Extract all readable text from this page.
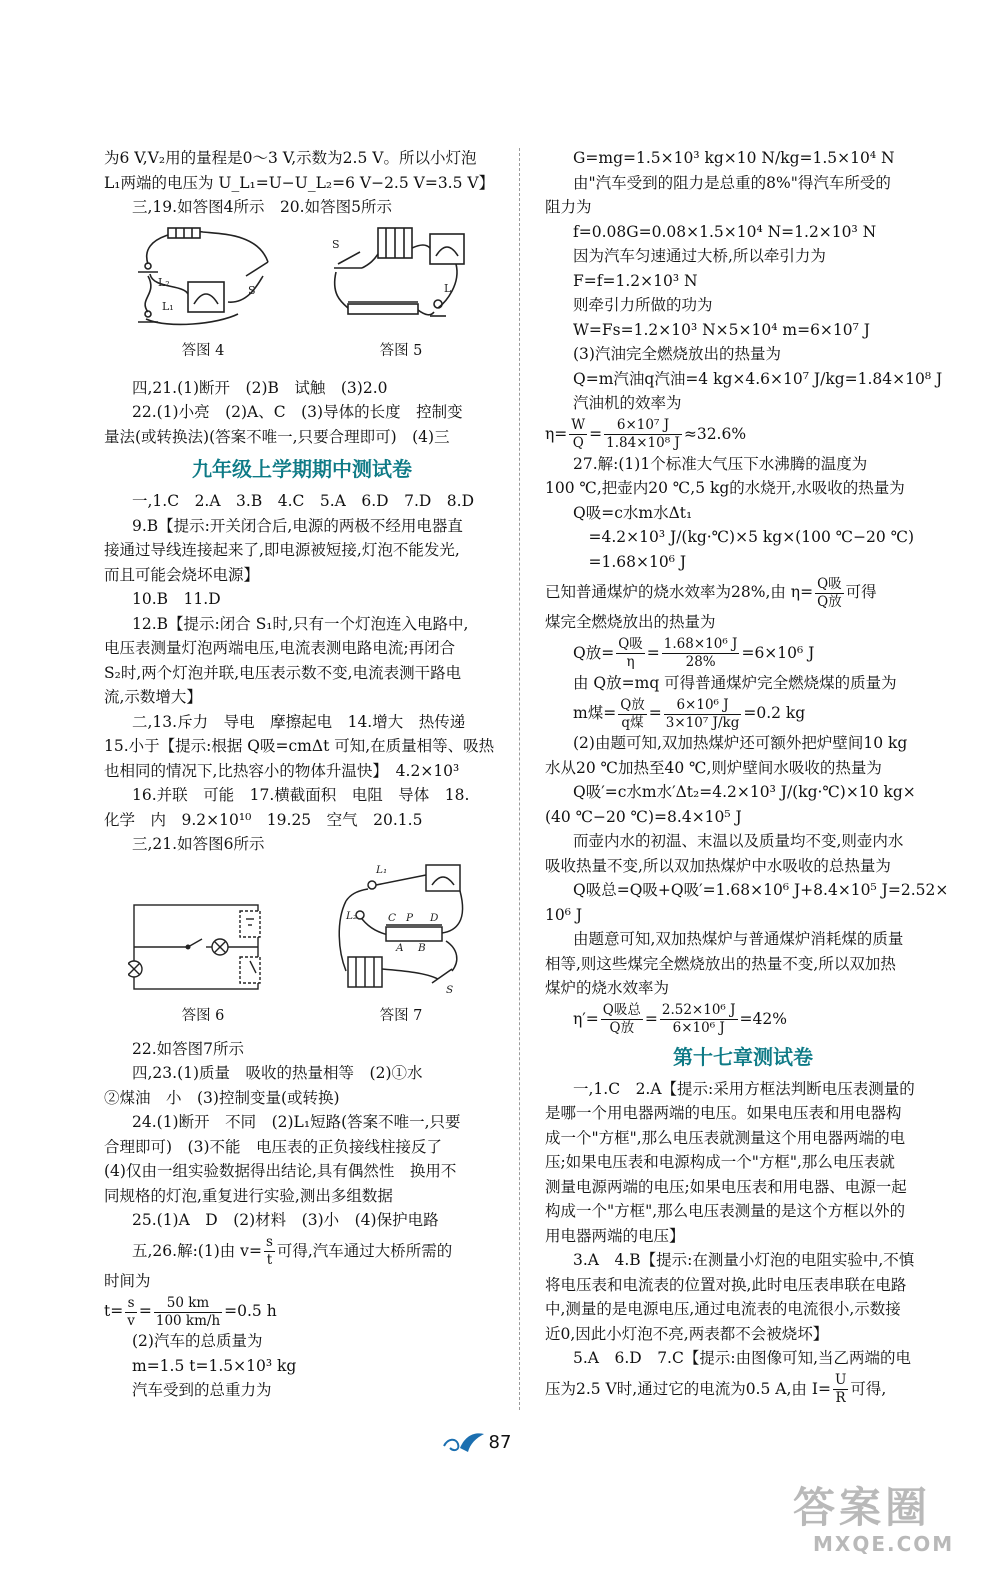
为6 V,V₂用的量程是0～3 V,示数为2.5 V。所以小灯泡

L₁两端的电压为 U_L₁=U−U_L₂=6 V−2.5 V=3.5 V】

三,19.如答图4所示　20.如答图5所示

L₂
L₁
S
答图 4
S
L
答图 5

四,21.(1)断开　(2)B　试触　(3)2.0

22.(1)小亮　(2)A、C　(3)导体的长度　控制变

量法(或转换法)(答案不唯一,只要合理即可)　(4)三

九年级上学期期中测试卷

一,1.C　2.A　3.B　4.C　5.A　6.D　7.D　8.D

9.B【提示:开关闭合后,电源的两极不经用电器直

接通过导线连接起来了,即电源被短接,灯泡不能发光,

而且可能会烧坏电源】

10.B　11.D

12.B【提示:闭合 S₁时,只有一个灯泡连入电路中,

电压表测量灯泡两端电压,电流表测电路电流;再闭合

S₂时,两个灯泡并联,电压表示数不变,电流表测干路电

流,示数增大】

二,13.斥力　导电　摩擦起电　14.增大　热传递

15.小于【提示:根据 Q吸=cmΔt 可知,在质量相等、吸热

也相同的情况下,比热容小的物体升温快】　4.2×10³

16.并联　可能　17.横截面积　电阻　导体　18.

化学　内　9.2×10¹⁰　19.25　空气　20.1.5

三,21.如答图6所示

答图 6
L₁
L₂	C P D
A B
S
答图 7

22.如答图7所示

四,23.(1)质量　吸收的热量相等　(2)①水

②煤油　小　(3)控制变量(或转换)

24.(1)断开　不同　(2)L₁短路(答案不唯一,只要

合理即可)　(3)不能　电压表的正负接线柱接反了

(4)仅由一组实验数据得出结论,具有偶然性　换用不

同规格的灯泡,重复进行实验,测出多组数据

25.(1)A　D　(2)材料　(3)小　(4)保护电路

五,26.解:(1)由 $v= \frac{s}{t}$ 可得,汽车通过大桥所需的

时间为

$t= \frac{s}{v} = \frac{50 km}{100 km/h} =0.5$ h

(2)汽车的总质量为

m=1.5 t=1.5×10³ kg

汽车受到的总重力为

G=mg=1.5×10³ kg×10 N/kg=1.5×10⁴ N

由"汽车受到的阻力是总重的8%"得汽车所受的

阻力为

f=0.08G=0.08×1.5×10⁴ N=1.2×10³ N

因为汽车匀速通过大桥,所以牵引力为

F=f=1.2×10³ N

则牵引力所做的功为

W=Fs=1.2×10³ N×5×10⁴ m=6×10⁷ J

(3)汽油完全燃烧放出的热量为

Q=m汽油q汽油=4 kg×4.6×10⁷ J/kg=1.84×10⁸ J

汽油机的效率为

$\eta= \frac{W}{Q} = \frac{\text{6×10⁷ J}}{\text{1.84×10⁸ J}} \approx 32.6\%$

27.解:(1)1个标准大气压下水沸腾的温度为

100 ℃,把壶内20 ℃,5 kg的水烧开,水吸收的热量为

Q吸=c水m水Δt₁

　=4.2×10³ J/(kg·℃)×5 kg×(100 ℃−20 ℃)

　=1.68×10⁶ J

已知普通煤炉的烧水效率为28%,由 $\eta= \frac{\text{Q吸}}{\text{Q放}}$ 可得

煤完全燃烧放出的热量为

Q放= $\frac{\text{Q吸}}{\eta} = \frac{\text{1.68×10⁶ J}}{28\%} =6\times 10^6$ J

由 Q放=mq 可得普通煤炉完全燃烧煤的质量为

m煤= $\frac{\text{Q放}}{\text{q煤}} = \frac{\text{6×10⁶ J}}{\text{3×10⁷ J/kg}} =0.2$ kg

(2)由题可知,双加热煤炉还可额外把炉壁间10 kg

水从20 ℃加热至40 ℃,则炉壁间水吸收的热量为

Q吸′=c水m水′Δt₂=4.2×10³ J/(kg·℃)×10 kg×

(40 ℃−20 ℃)=8.4×10⁵ J

而壶内水的初温、末温以及质量均不变,则壶内水

吸收热量不变,所以双加热煤炉中水吸收的总热量为

Q吸总=Q吸+Q吸′=1.68×10⁶ J+8.4×10⁵ J=2.52×

10⁶ J

由题意可知,双加热煤炉与普通煤炉消耗煤的质量

相等,则这些煤完全燃烧放出的热量不变,所以双加热

煤炉的烧水效率为

$\eta'= \frac{\text{Q吸总}}{\text{Q放}} = \frac{\text{2.52×10⁶ J}}{\text{6×10⁶ J}} =42\%$

第十七章测试卷

一,1.C　2.A【提示:采用方框法判断电压表测量的

是哪一个用电器两端的电压。如果电压表和用电器构

成一个"方框",那么电压表就测量这个用电器两端的电

压;如果电压表和电源构成一个"方框",那么电压表就

测量电源两端的电压;如果电压表和用电器、电源一起

构成一个"方框",那么电压表测量的是这个方框以外的

用电器两端的电压】

3.A　4.B【提示:在测量小灯泡的电阻实验中,不慎

将电压表和电流表的位置对换,此时电压表串联在电路

中,测量的是电源电压,通过电流表的电流很小,示数接

近0,因此小灯泡不亮,两表都不会被烧坏】

5.A　6.D　7.C【提示:由图像可知,当乙两端的电

压为2.5 V时,通过它的电流为0.5 A,由 $I= \frac{U}{R}$ 可得,

87
答案圈
MXQE.COM
